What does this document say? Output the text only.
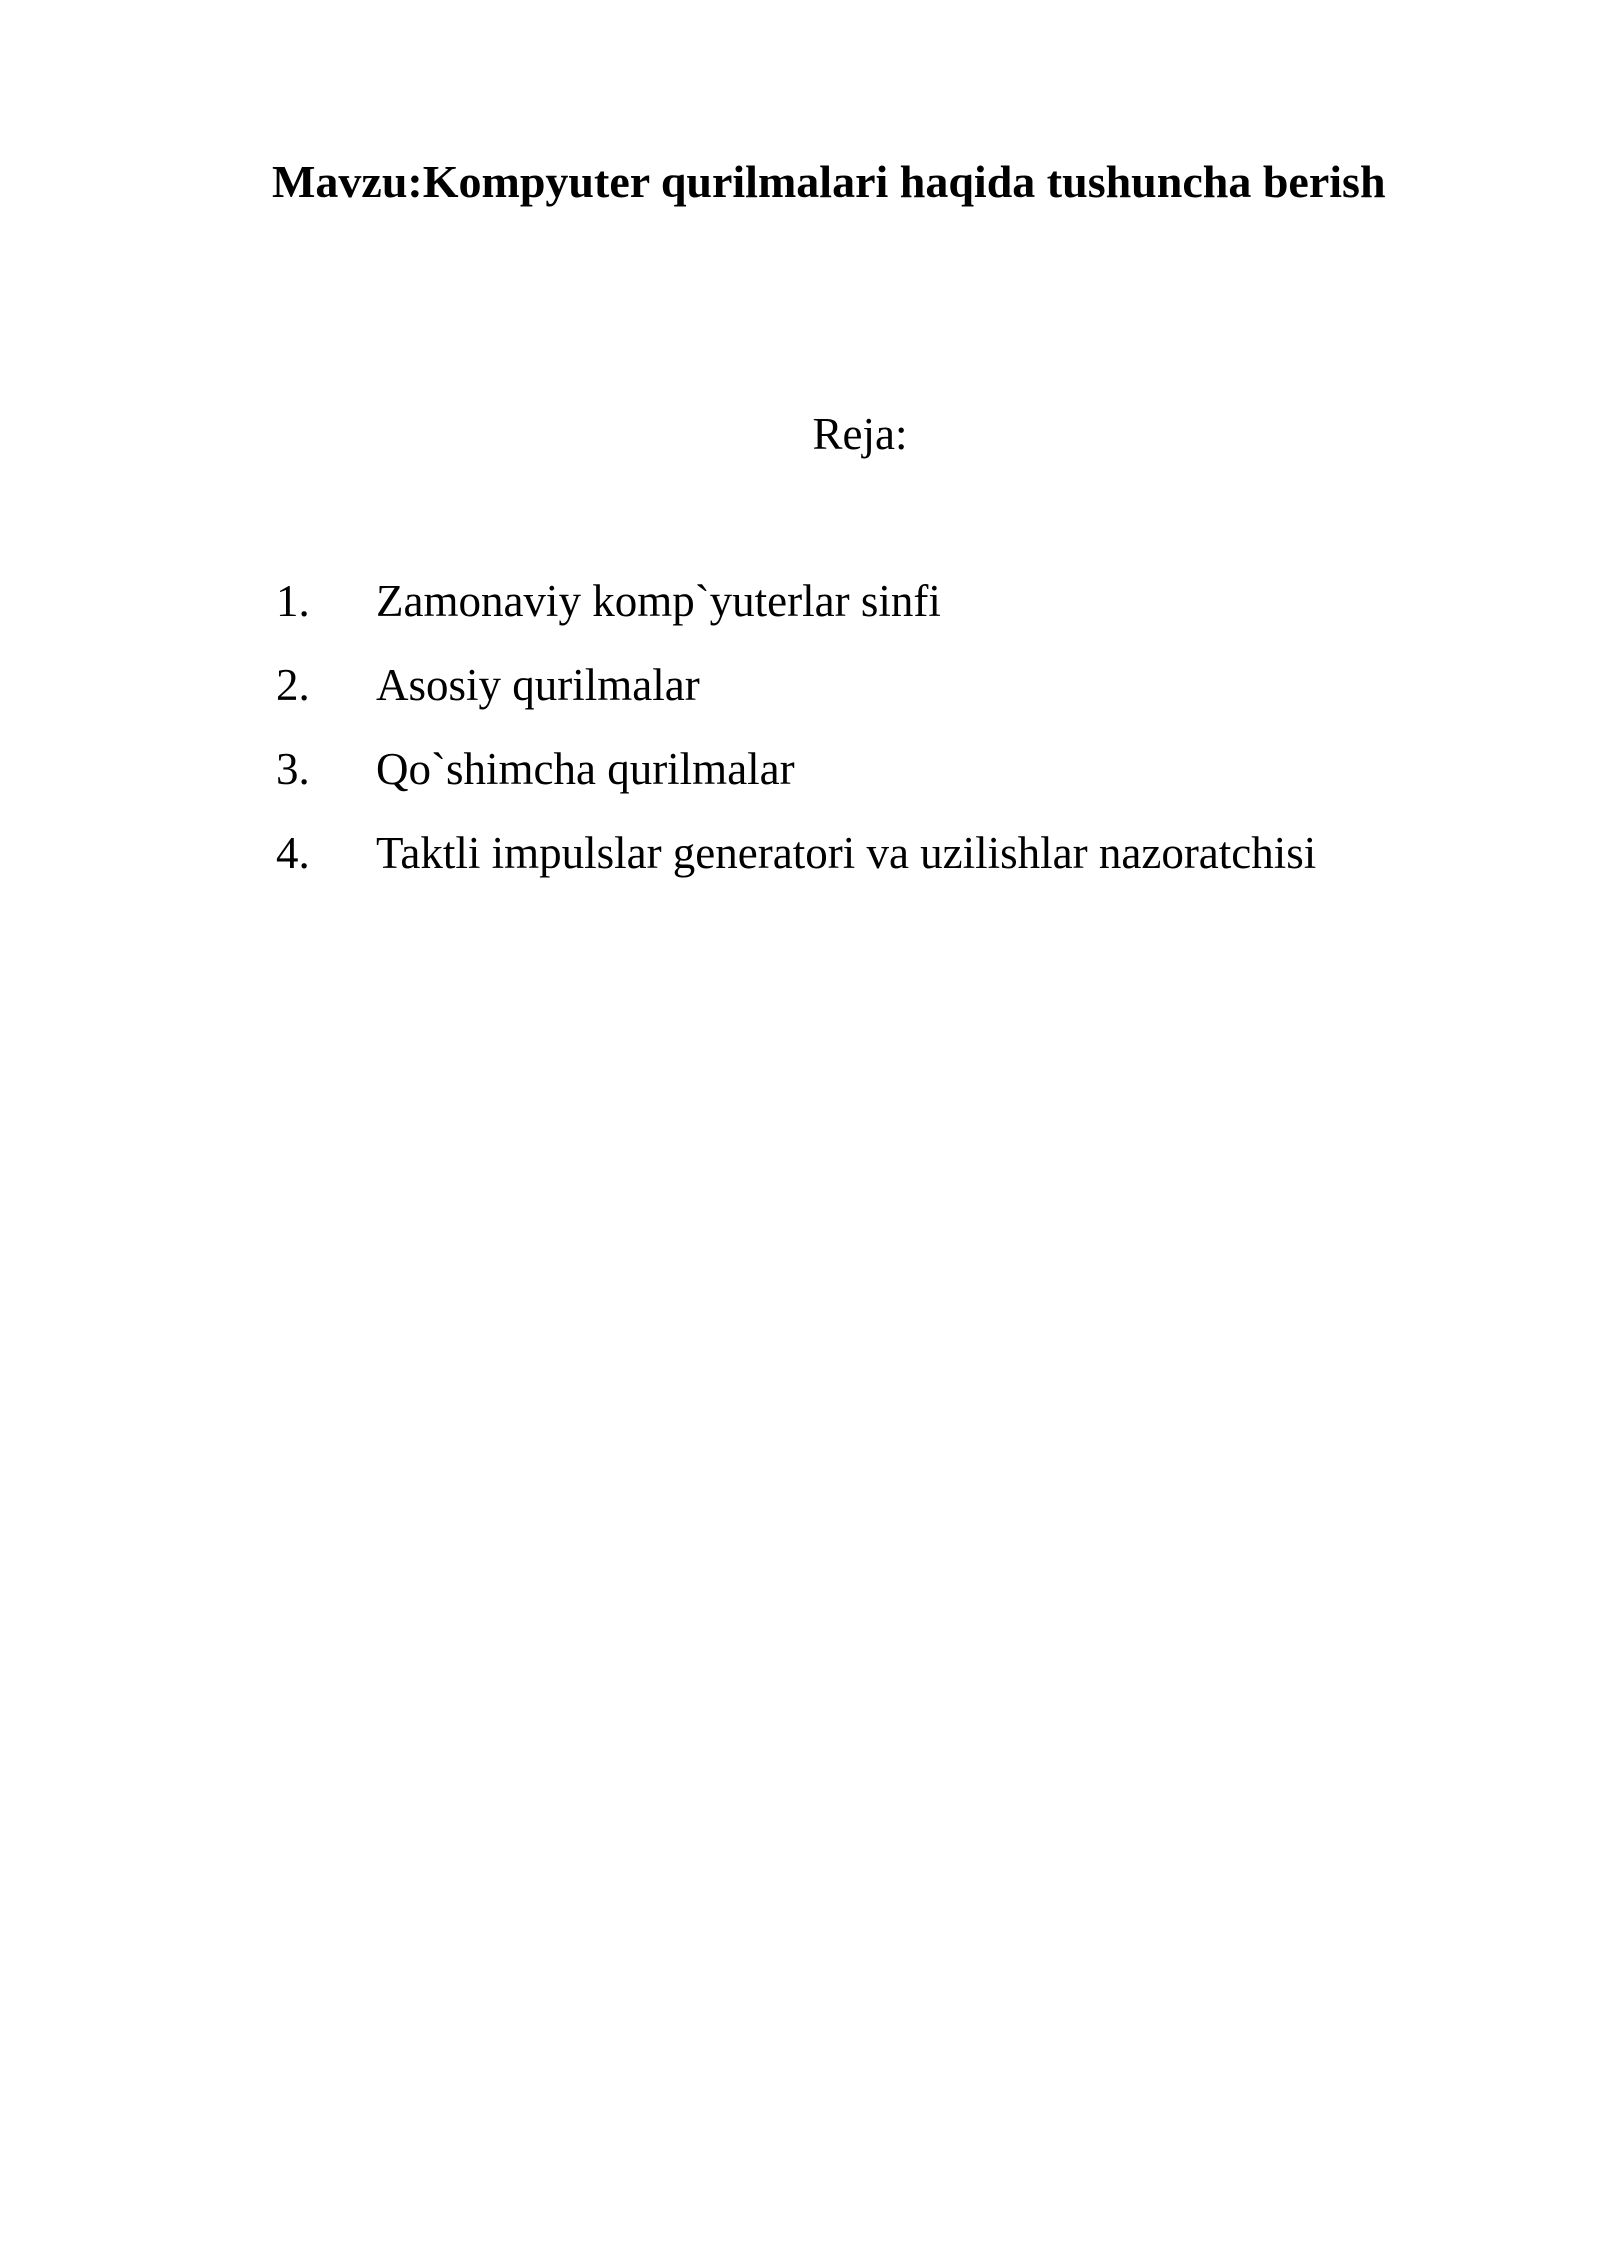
Mavzu:Kompyuter qurilmalari haqida tushuncha berish
Reja:
1. Zamonaviy komp`yuterlar sinfi
2. Asosiy qurilmalar
3. Qo`shimcha qurilmalar
4. Taktli impulslar generatori va uzilishlar nazoratchisi
